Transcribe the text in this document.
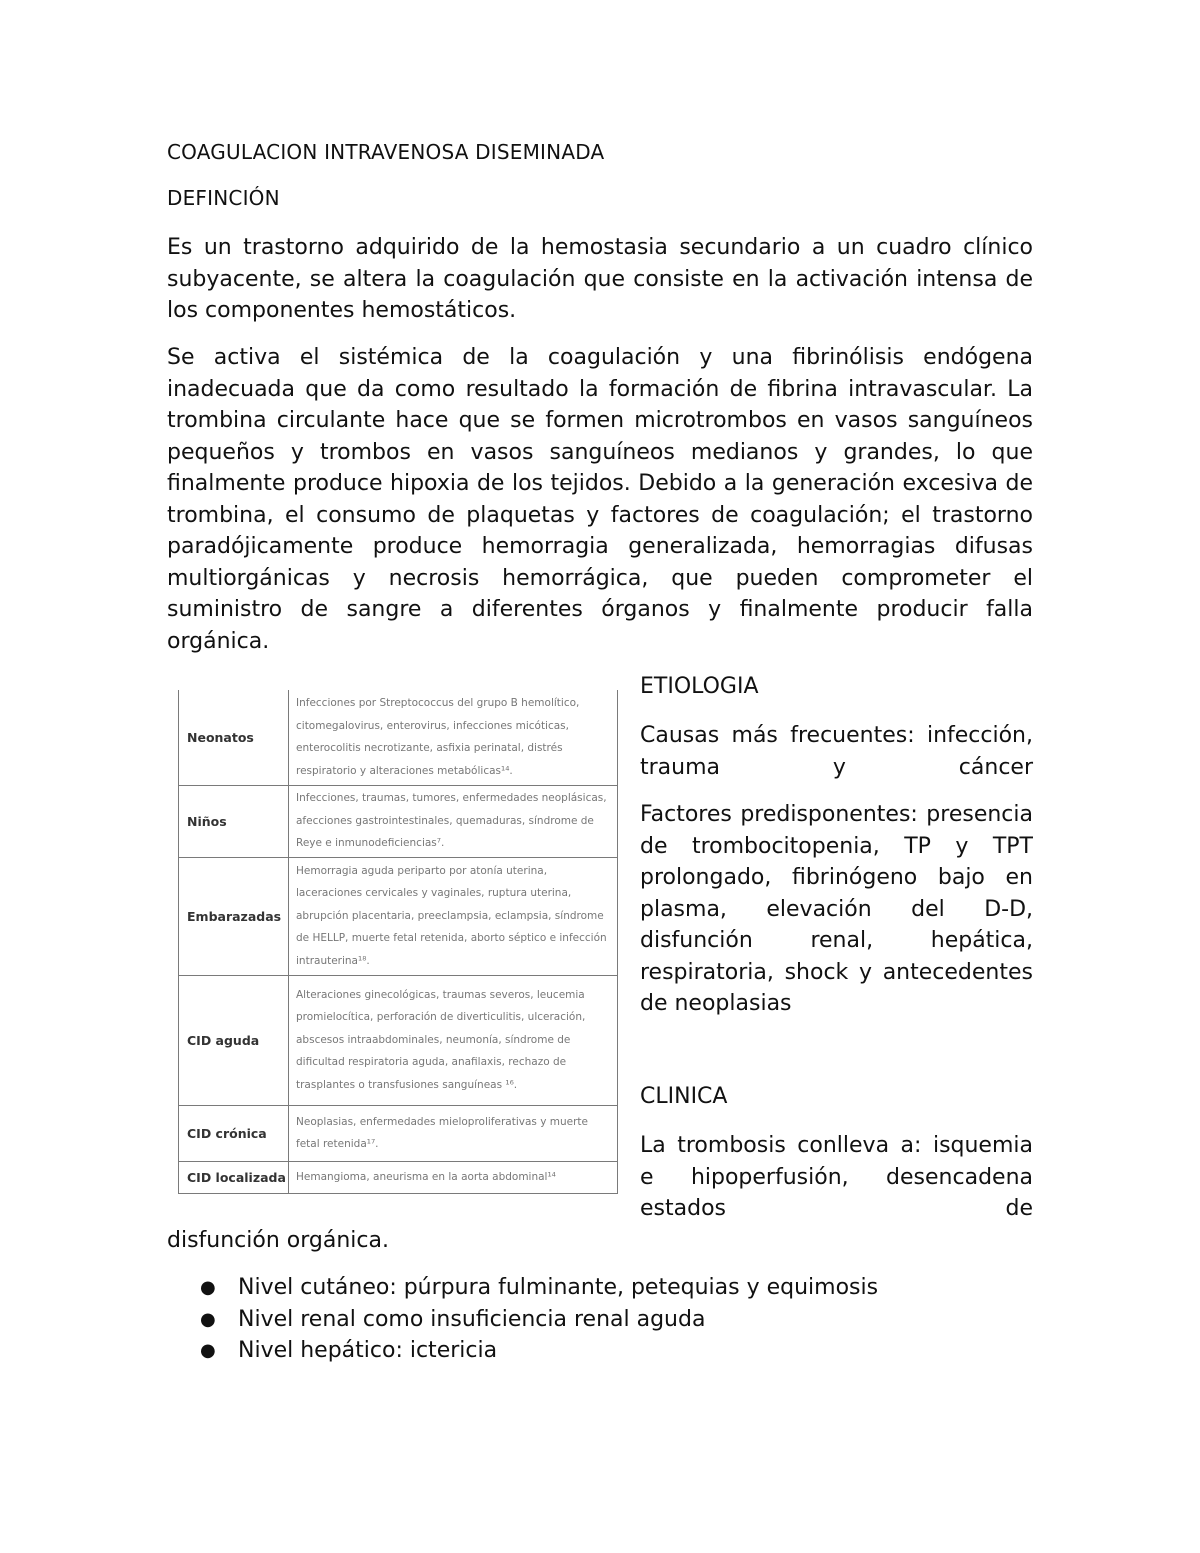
COAGULACION INTRAVENOSA DISEMINADA
DEFINCIÓN

Es un trastorno adquirido de la hemostasia secundario a un cuadro clínico subyacente, se altera la coagulación que consiste en la activación intensa de los componentes hemostáticos.

Se activa el sistémica de la coagulación y una fibrinólisis endógena inadecuada que da como resultado la formación de fibrina intravascular. La trombina circulante hace que se formen microtrombos en vasos sanguíneos pequeños y trombos en vasos sanguíneos medianos y grandes, lo que finalmente produce hipoxia de los tejidos. Debido a la generación excesiva de trombina, el consumo de plaquetas y factores de coagulación; el trastorno paradójicamente produce hemorragia generalizada, hemorragias difusas multiorgánicas y necrosis hemorrágica, que pueden comprometer el suministro de sangre a diferentes órganos y finalmente producir falla orgánica.

Neonatos	Infecciones por Streptococcus del grupo B hemolítico, citomegalovirus, enterovirus, infecciones micóticas, enterocolitis necrotizante, asfixia perinatal, distrés respiratorio y alteraciones metabólicas¹⁴.
Niños	Infecciones, traumas, tumores, enfermedades neoplásicas, afecciones gastrointestinales, quemaduras, síndrome de Reye e inmunodeficiencias⁷.
Embarazadas	Hemorragia aguda periparto por atonía uterina, laceraciones cervicales y vaginales, ruptura uterina, abrupción placentaria, preeclampsia, eclampsia, síndrome de HELLP, muerte fetal retenida, aborto séptico e infección intrauterina¹⁸.
CID aguda	Alteraciones ginecológicas, traumas severos, leucemia promielocítica, perforación de diverticulitis, ulceración, abscesos intraabdominales, neumonía, síndrome de dificultad respiratoria aguda, anafilaxis, rechazo de trasplantes o transfusiones sanguíneas ¹⁶.
CID crónica	Neoplasias, enfermedades mieloproliferativas y muerte fetal retenida¹⁷.
CID localizada	Hemangioma, aneurisma en la aorta abdominal¹⁴
ETIOLOGIA

Causas más frecuentes: infección, trauma y cáncer

Factores predisponentes: presencia de trombocitopenia, TP y TPT prolongado, fibrinógeno bajo en plasma, elevación del D-D, disfunción renal, hepática, respiratoria, shock y antecedentes de neoplasias

CLINICA

La trombosis conlleva a: isquemia e hipoperfusión, desencadena estados de

disfunción orgánica.

● Nivel cutáneo: púrpura fulminante, petequias y equimosis
● Nivel renal como insuficiencia renal aguda
● Nivel hepático: ictericia
